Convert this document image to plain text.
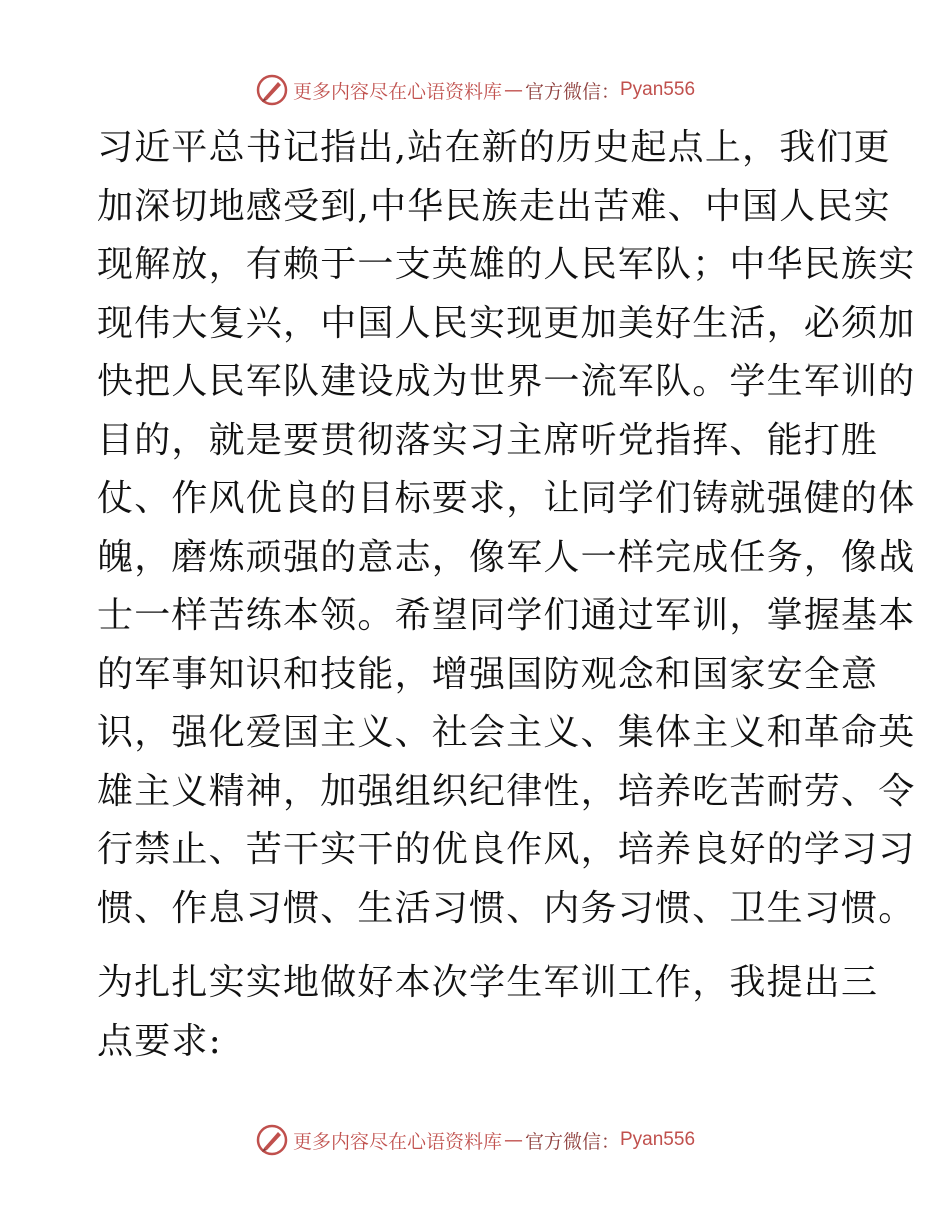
更多内容尽在心语资料库 — 官方微信： Pyan556
习近平总书记指出,站在新的历史起点上，我们更
加深切地感受到,中华民族走出苦难、中国人民实
现解放，有赖于一支英雄的人民军队；中华民族实
现伟大复兴，中国人民实现更加美好生活，必须加
快把人民军队建设成为世界一流军队。学生军训的
目的，就是要贯彻落实习主席听党指挥、能打胜
仗、作风优良的目标要求，让同学们铸就强健的体
魄，磨炼顽强的意志，像军人一样完成任务，像战
士一样苦练本领。希望同学们通过军训，掌握基本
的军事知识和技能，增强国防观念和国家安全意
识，强化爱国主义、社会主义、集体主义和革命英
雄主义精神，加强组织纪律性，培养吃苦耐劳、令
行禁止、苦干实干的优良作风，培养良好的学习习
惯、作息习惯、生活习惯、内务习惯、卫生习惯。
为扎扎实实地做好本次学生军训工作，我提出三
点要求:
更多内容尽在心语资料库 — 官方微信： Pyan556
